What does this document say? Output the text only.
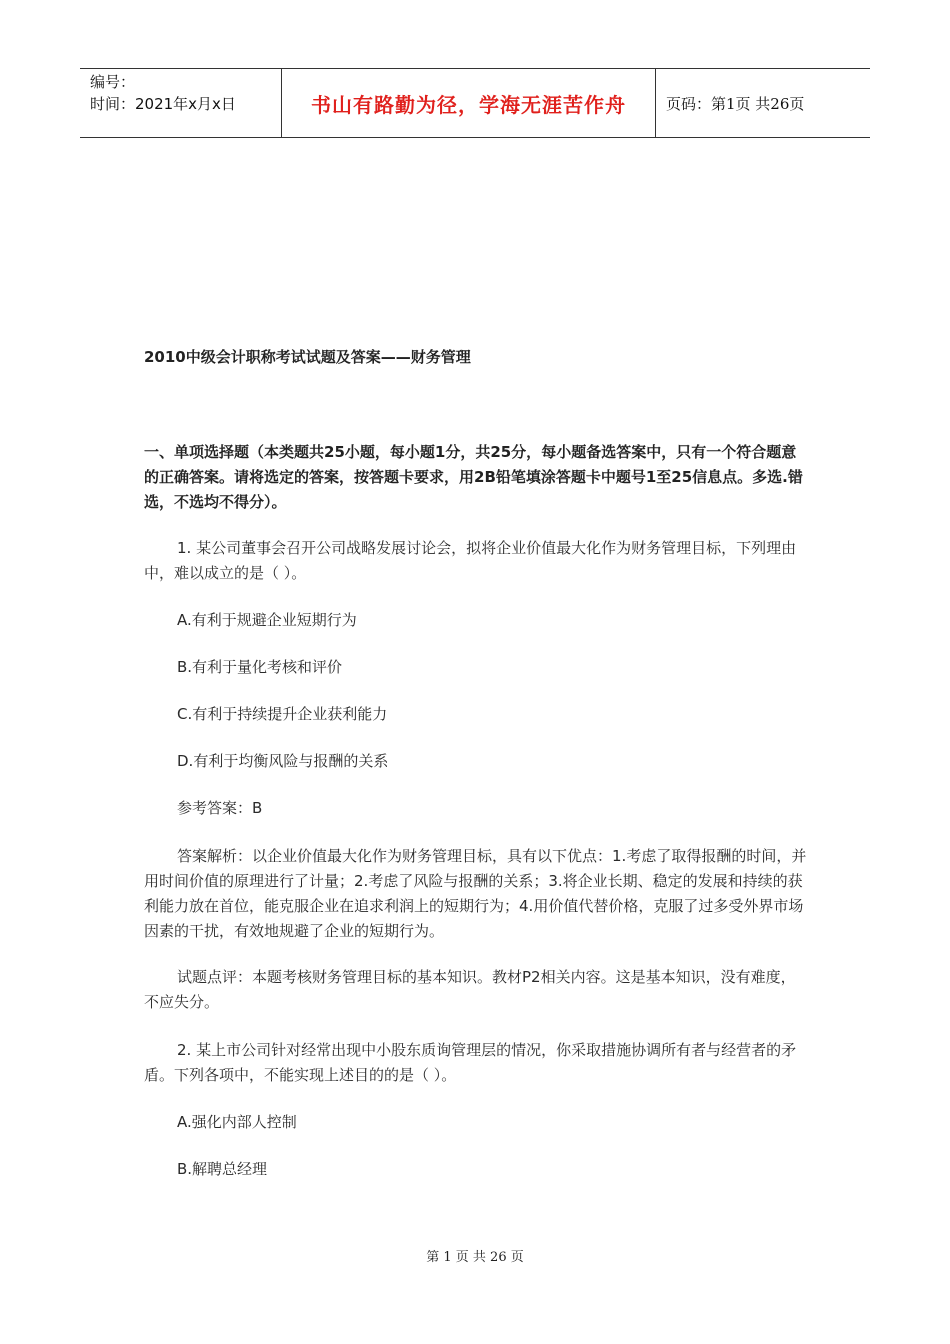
编号：
时间：2021年x月x日	书山有路勤为径，学海无涯苦作舟	页码：第1页 共26页
2010中级会计职称考试试题及答案——财务管理
一、单项选择题（本类题共25小题，每小题1分，共25分，每小题备选答案中，只有一个符合题意的正确答案。请将选定的答案，按答题卡要求，用2B铅笔填涂答题卡中题号1至25信息点。多选.错选，不选均不得分）。
1. 某公司董事会召开公司战略发展讨论会，拟将企业价值最大化作为财务管理目标，下列理由中，难以成立的是（ ）。
A.有利于规避企业短期行为
B.有利于量化考核和评价
C.有利于持续提升企业获利能力
D.有利于均衡风险与报酬的关系
参考答案：B
答案解析：以企业价值最大化作为财务管理目标，具有以下优点：1.考虑了取得报酬的时间，并用时间价值的原理进行了计量；2.考虑了风险与报酬的关系；3.将企业长期、稳定的发展和持续的获利能力放在首位，能克服企业在追求利润上的短期行为；4.用价值代替价格，克服了过多受外界市场因素的干扰，有效地规避了企业的短期行为。
试题点评：本题考核财务管理目标的基本知识。教材P2相关内容。这是基本知识，没有难度，不应失分。
2. 某上市公司针对经常出现中小股东质询管理层的情况，你采取措施协调所有者与经营者的矛盾。下列各项中，不能实现上述目的的是（ ）。
A.强化内部人控制
B.解聘总经理
第 1 页 共 26 页
